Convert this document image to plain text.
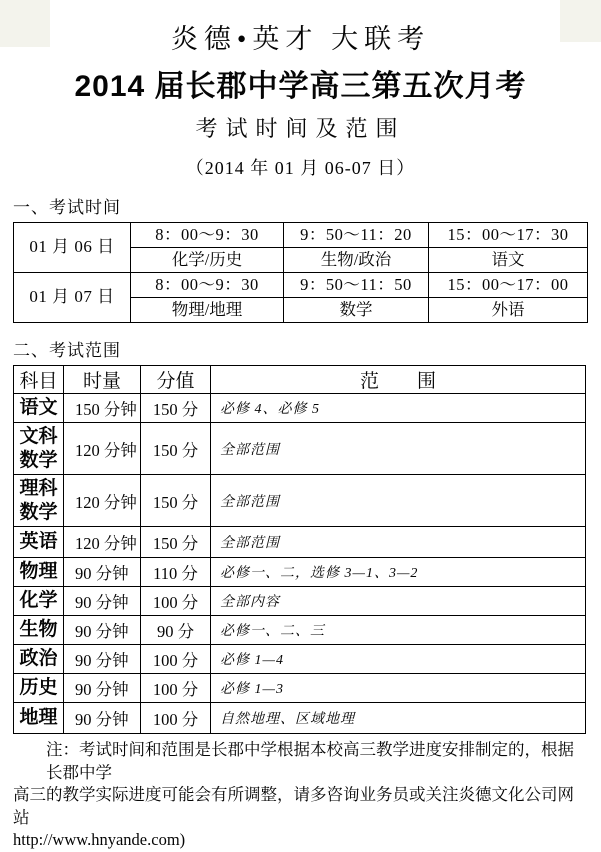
炎德•英才 大联考
2014 届长郡中学高三第五次月考
考试时间及范围
（2014 年 01 月 06-07 日）
一、考试时间
01 月 06 日	8：00～9：30	9：50～11：20	15：00～17：30
	化学/历史	生物/政治	语文
01 月 07 日	8：00～9：30	9：50～11：50	15：00～17：00
	物理/地理	数学	外语
二、考试范围
科目	时量	分值	范　　围
语文	150 分钟	150 分	必修 4、必修 5
文科数学	120 分钟	150 分	全部范围
理科数学	120 分钟	150 分	全部范围
英语	120 分钟	150 分	全部范围
物理	90 分钟	110 分	必修一、二，选修 3—1、3—2
化学	90 分钟	100 分	全部内容
生物	90 分钟	90 分	必修一、二、三
政治	90 分钟	100 分	必修 1—4
历史	90 分钟	100 分	必修 1—3
地理	90 分钟	100 分	自然地理、区域地理
注：考试时间和范围是长郡中学根据本校高三教学进度安排制定的，根据长郡中学
高三的教学实际进度可能会有所调整，请多咨询业务员或关注炎德文化公司网站
http://www.hnyande.com)
